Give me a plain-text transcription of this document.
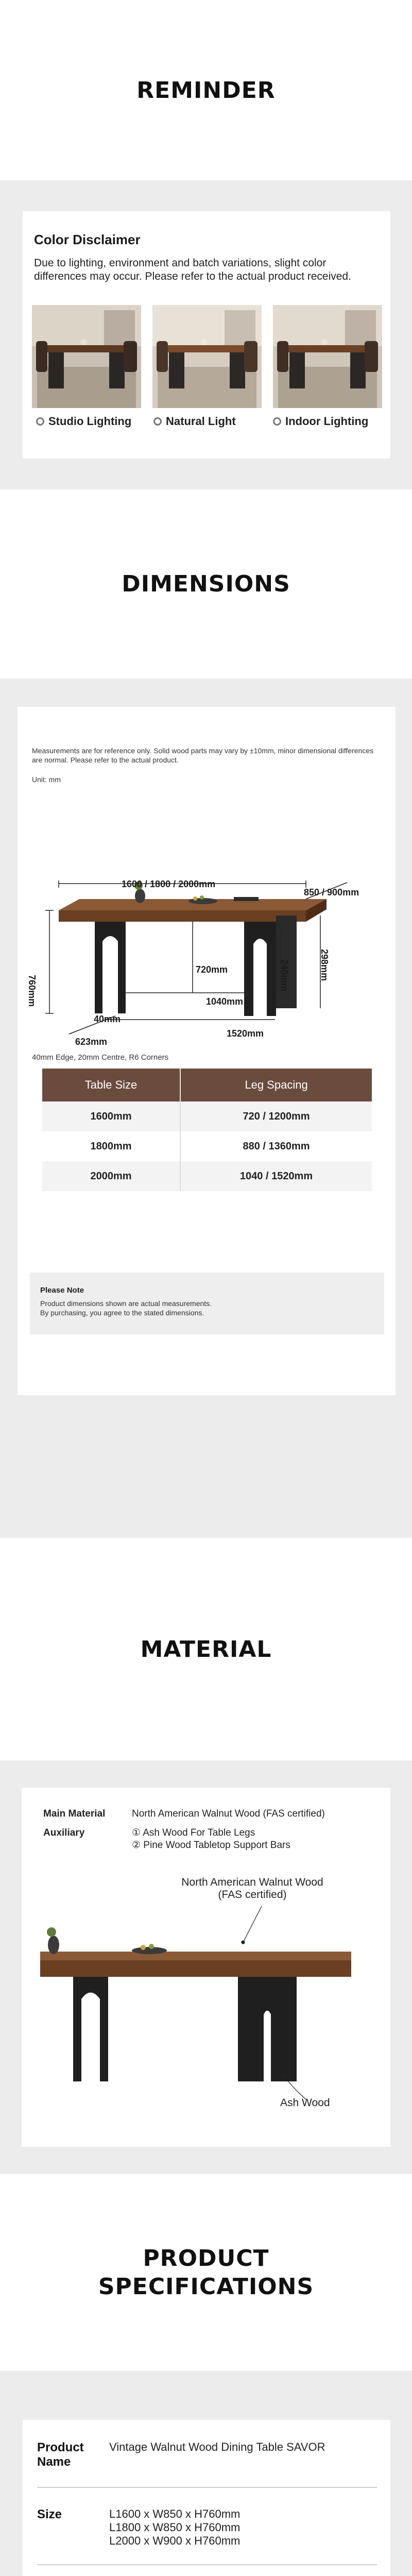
REMINDER
Color Disclaimer
Due to lighting, environment and batch variations, slight color differences may occur. Please refer to the actual product received.
Studio Lighting	Natural Light	Indoor Lighting
DIMENSIONS
Measurements are for reference only. Solid wood parts may vary by ±10mm, minor dimensional differences are normal. Please refer to the actual product.
Unit: mm
1600 / 1800 / 2000mm
850 / 900mm
760mm
720mm
1040mm
240mm	298mm
40mm
623mm
1520mm
40mm Edge, 20mm Centre, R6 Corners
Table Size	Leg Spacing
1600mm	720 / 1200mm
1800mm	880 / 1360mm
2000mm	1040 / 1520mm
Please Note
Product dimensions shown are actual measurements.
By purchasing, you agree to the stated dimensions.
MATERIAL
Main Material	North American Walnut Wood (FAS certified)
Auxiliary	① Ash Wood For Table Legs
② Pine Wood Tabletop Support Bars
North American Walnut Wood
(FAS certified)
Ash Wood
PRODUCT
SPECIFICATIONS
Product Name
Vintage Walnut Wood Dining Table SAVOR
Size	L1600 x W850 x H760mm
L1800 x W850 x H760mm
L2000 x W900 x H760mm
